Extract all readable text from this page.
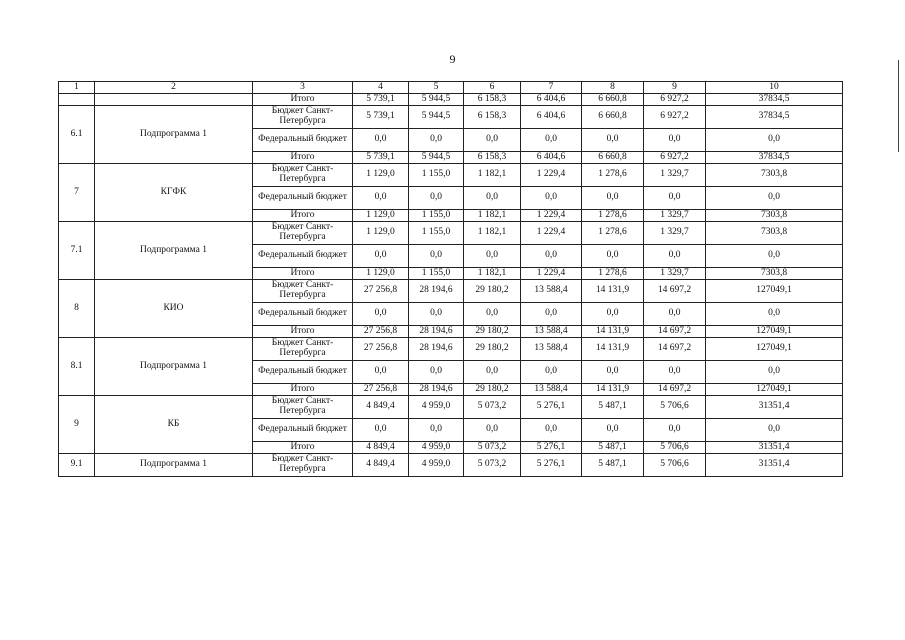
9
1	2	3	4	5	6	7	8	9	10
		Итого	5 739,1	5 944,5	6 158,3	6 404,6	6 660,8	6 927,2	37834,5
6.1	Подпрограмма 1	Бюджет Санкт-Петербурга	5 739,1	5 944,5	6 158,3	6 404,6	6 660,8	6 927,2	37834,5
		Федеральный бюджет	0,0	0,0	0,0	0,0	0,0	0,0	0,0
		Итого	5 739,1	5 944,5	6 158,3	6 404,6	6 660,8	6 927,2	37834,5
7	КГФК	Бюджет Санкт-Петербурга	1 129,0	1 155,0	1 182,1	1 229,4	1 278,6	1 329,7	7303,8
		Федеральный бюджет	0,0	0,0	0,0	0,0	0,0	0,0	0,0
		Итого	1 129,0	1 155,0	1 182,1	1 229,4	1 278,6	1 329,7	7303,8
7.1	Подпрограмма 1	Бюджет Санкт-Петербурга	1 129,0	1 155,0	1 182,1	1 229,4	1 278,6	1 329,7	7303,8
		Федеральный бюджет	0,0	0,0	0,0	0,0	0,0	0,0	0,0
		Итого	1 129,0	1 155,0	1 182,1	1 229,4	1 278,6	1 329,7	7303,8
8	КИО	Бюджет Санкт-Петербурга	27 256,8	28 194,6	29 180,2	13 588,4	14 131,9	14 697,2	127049,1
		Федеральный бюджет	0,0	0,0	0,0	0,0	0,0	0,0	0,0
		Итого	27 256,8	28 194,6	29 180,2	13 588,4	14 131,9	14 697,2	127049,1
8.1	Подпрограмма 1	Бюджет Санкт-Петербурга	27 256,8	28 194,6	29 180,2	13 588,4	14 131,9	14 697,2	127049,1
		Федеральный бюджет	0,0	0,0	0,0	0,0	0,0	0,0	0,0
		Итого	27 256,8	28 194,6	29 180,2	13 588,4	14 131,9	14 697,2	127049,1
9	КБ	Бюджет Санкт-Петербурга	4 849,4	4 959,0	5 073,2	5 276,1	5 487,1	5 706,6	31351,4
		Федеральный бюджет	0,0	0,0	0,0	0,0	0,0	0,0	0,0
		Итого	4 849,4	4 959,0	5 073,2	5 276,1	5 487,1	5 706,6	31351,4
9.1	Подпрограмма 1	Бюджет Санкт-Петербурга	4 849,4	4 959,0	5 073,2	5 276,1	5 487,1	5 706,6	31351,4
